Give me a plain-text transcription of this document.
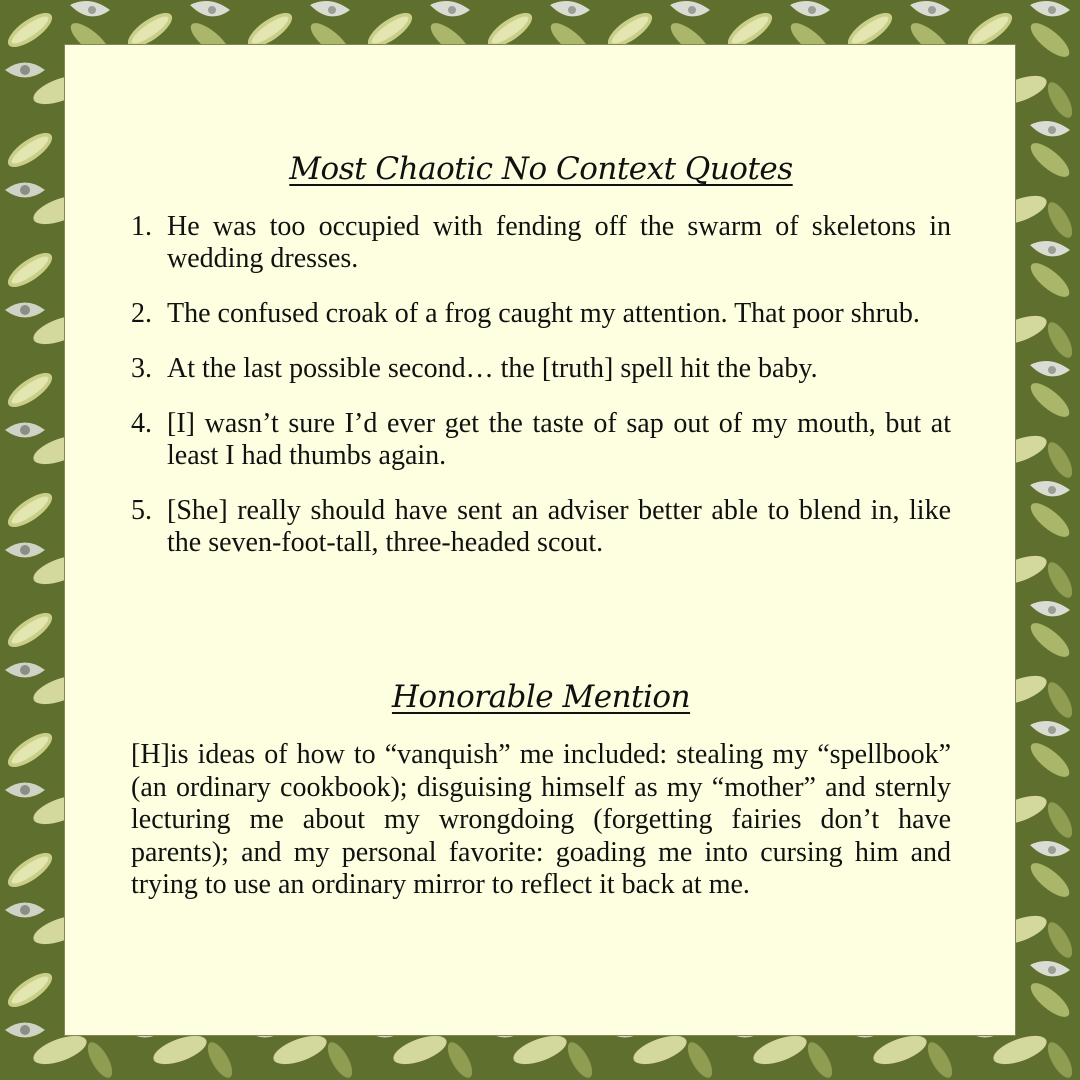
Most Chaotic No Context Quotes
1. He was too occupied with fending off the swarm of skeletons in wedding dresses.
2. The confused croak of a frog caught my attention. That poor shrub.
3. At the last possible second… the [truth] spell hit the baby.
4. [I] wasn’t sure I’d ever get the taste of sap out of my mouth, but at least I had thumbs again.
5. [She] really should have sent an adviser better able to blend in, like the seven-foot-tall, three-headed scout.
Honorable Mention

[H]is ideas of how to “vanquish” me included: stealing my “spellbook” (an ordinary cookbook); disguising himself as my “mother” and sternly lecturing me about my wrongdoing (forgetting fairies don’t have parents); and my personal favorite: goading me into cursing him and trying to use an ordinary mirror to reflect it back at me.
